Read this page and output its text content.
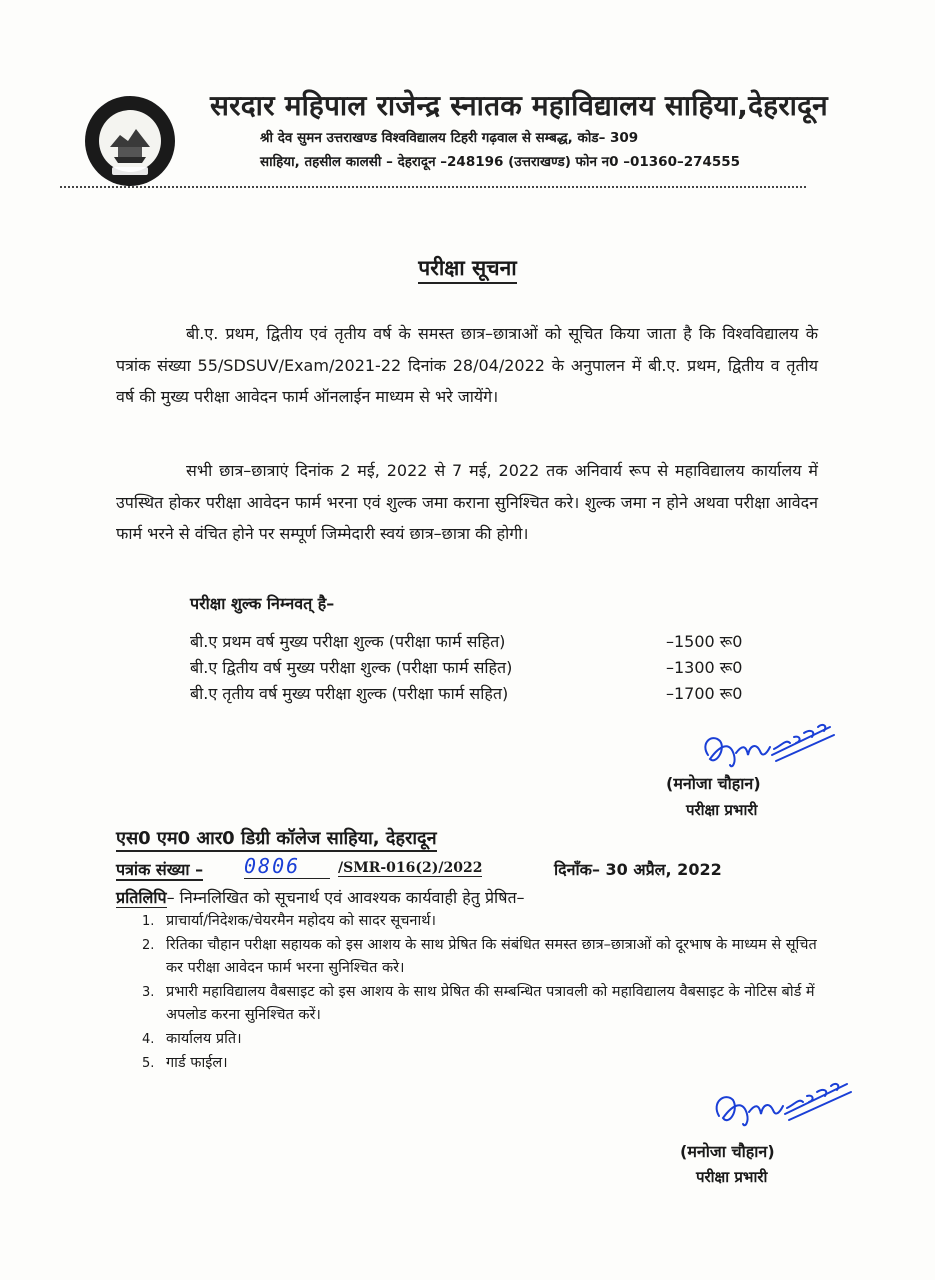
सरदार महिपाल राजेन्द्र स्नातक महाविद्यालय साहिया,देहरादून
श्री देव सुमन उत्तराखण्ड विश्वविद्यालय टिहरी गढ़वाल से सम्बद्ध, कोड– 309
साहिया, तहसील कालसी – देहरादून –248196 (उत्तराखण्ड) फोन न0 –01360–274555
परीक्षा सूचना
बी.ए. प्रथम, द्वितीय एवं तृतीय वर्ष के समस्त छात्र–छात्राओं को सूचित किया जाता है कि विश्वविद्यालय के पत्रांक संख्या 55/SDSUV/Exam/2021-22 दिनांक 28/04/2022 के अनुपालन में बी.ए. प्रथम, द्वितीय व तृतीय वर्ष की मुख्य परीक्षा आवेदन फार्म ऑनलाईन माध्यम से भरे जायेंगे।
सभी छात्र–छात्राएं दिनांक 2 मई, 2022 से 7 मई, 2022 तक अनिवार्य रूप से महाविद्यालय कार्यालय में उपस्थित होकर परीक्षा आवेदन फार्म भरना एवं शुल्क जमा कराना सुनिश्चित करे। शुल्क जमा न होने अथवा परीक्षा आवेदन फार्म भरने से वंचित होने पर सम्पूर्ण जिम्मेदारी स्वयं छात्र–छात्रा की होगी।
परीक्षा शुल्क निम्नवत् है–
बी.ए प्रथम वर्ष मुख्य परीक्षा शुल्क (परीक्षा फार्म सहित)	–1500 रू0
बी.ए द्वितीय वर्ष मुख्य परीक्षा शुल्क (परीक्षा फार्म सहित)	–1300 रू0
बी.ए तृतीय वर्ष मुख्य परीक्षा शुल्क (परीक्षा फार्म सहित)	–1700 रू0
(मनोजा चौहान)
परीक्षा प्रभारी
एस0 एम0 आर0 डिग्री कॉलेज साहिया, देहरादून
पत्रांक संख्या – 0806	/SMR-016(2)/2022	दिनाँक– 30 अप्रैल, 2022
प्रतिलिपि– निम्नलिखित को सूचनार्थ एवं आवश्यक कार्यवाही हेतु प्रेषित–
1. प्राचार्या/निदेशक/चेयरमैन महोदय को सादर सूचनार्थ।
2. रितिका चौहान परीक्षा सहायक को इस आशय के साथ प्रेषित कि संबंधित समस्त छात्र–छात्राओं को दूरभाष के माध्यम से सूचित कर परीक्षा आवेदन फार्म भरना सुनिश्चित करे।
3. प्रभारी महाविद्यालय वैबसाइट को इस आशय के साथ प्रेषित की सम्बन्धित पत्रावली को महाविद्यालय वैबसाइट के नोटिस बोर्ड में अपलोड करना सुनिश्चित करें।
4. कार्यालय प्रति।
5. गार्ड फाईल।
(मनोजा चौहान)
परीक्षा प्रभारी
